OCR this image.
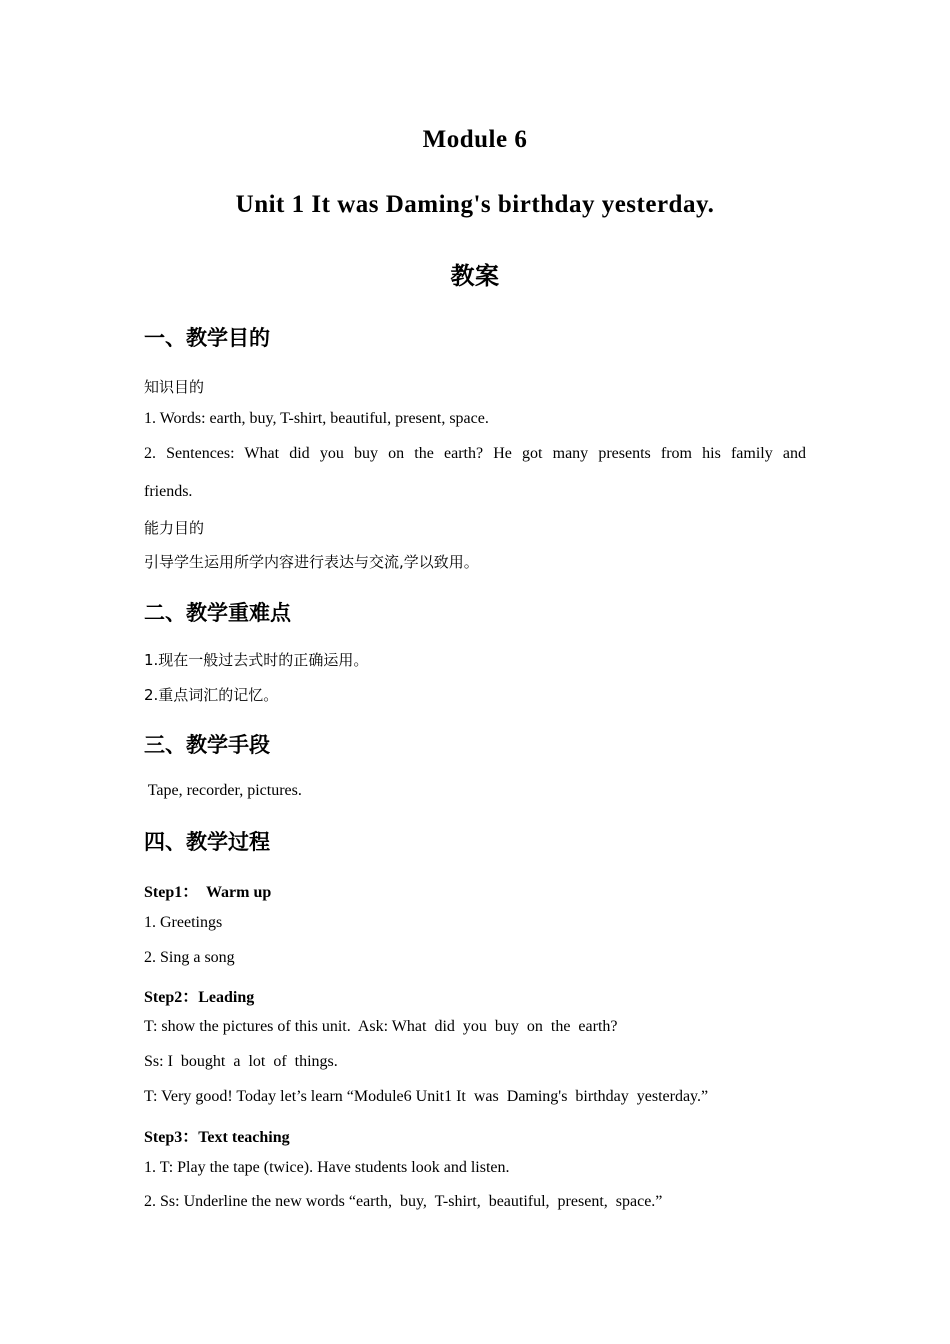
Module 6
Unit 1 It was Daming's birthday yesterday.
教案
一、教学目的

知识目的

1. Words: earth, buy, T-shirt, beautiful, present, space.

2. Sentences: What did you buy on the earth? He got many presents from his family and

friends.

能力目的

引导学生运用所学内容进行表达与交流,学以致用。

二、教学重难点

1.现在一般过去式时的正确运用。

2.重点词汇的记忆。

三、教学手段

Tape, recorder, pictures.

四、教学过程

Step1：  Warm up

1. Greetings

2. Sing a song

Step2：Leading

T: show the pictures of this unit.  Ask: What  did  you  buy  on  the  earth?

Ss: I  bought  a  lot  of  things.

T: Very good! Today let’s learn “Module6 Unit1 It  was  Daming's  birthday  yesterday.”

Step3：Text teaching

1. T: Play the tape (twice). Have students look and listen.

2. Ss: Underline the new words “earth,  buy,  T-shirt,  beautiful,  present,  space.”
